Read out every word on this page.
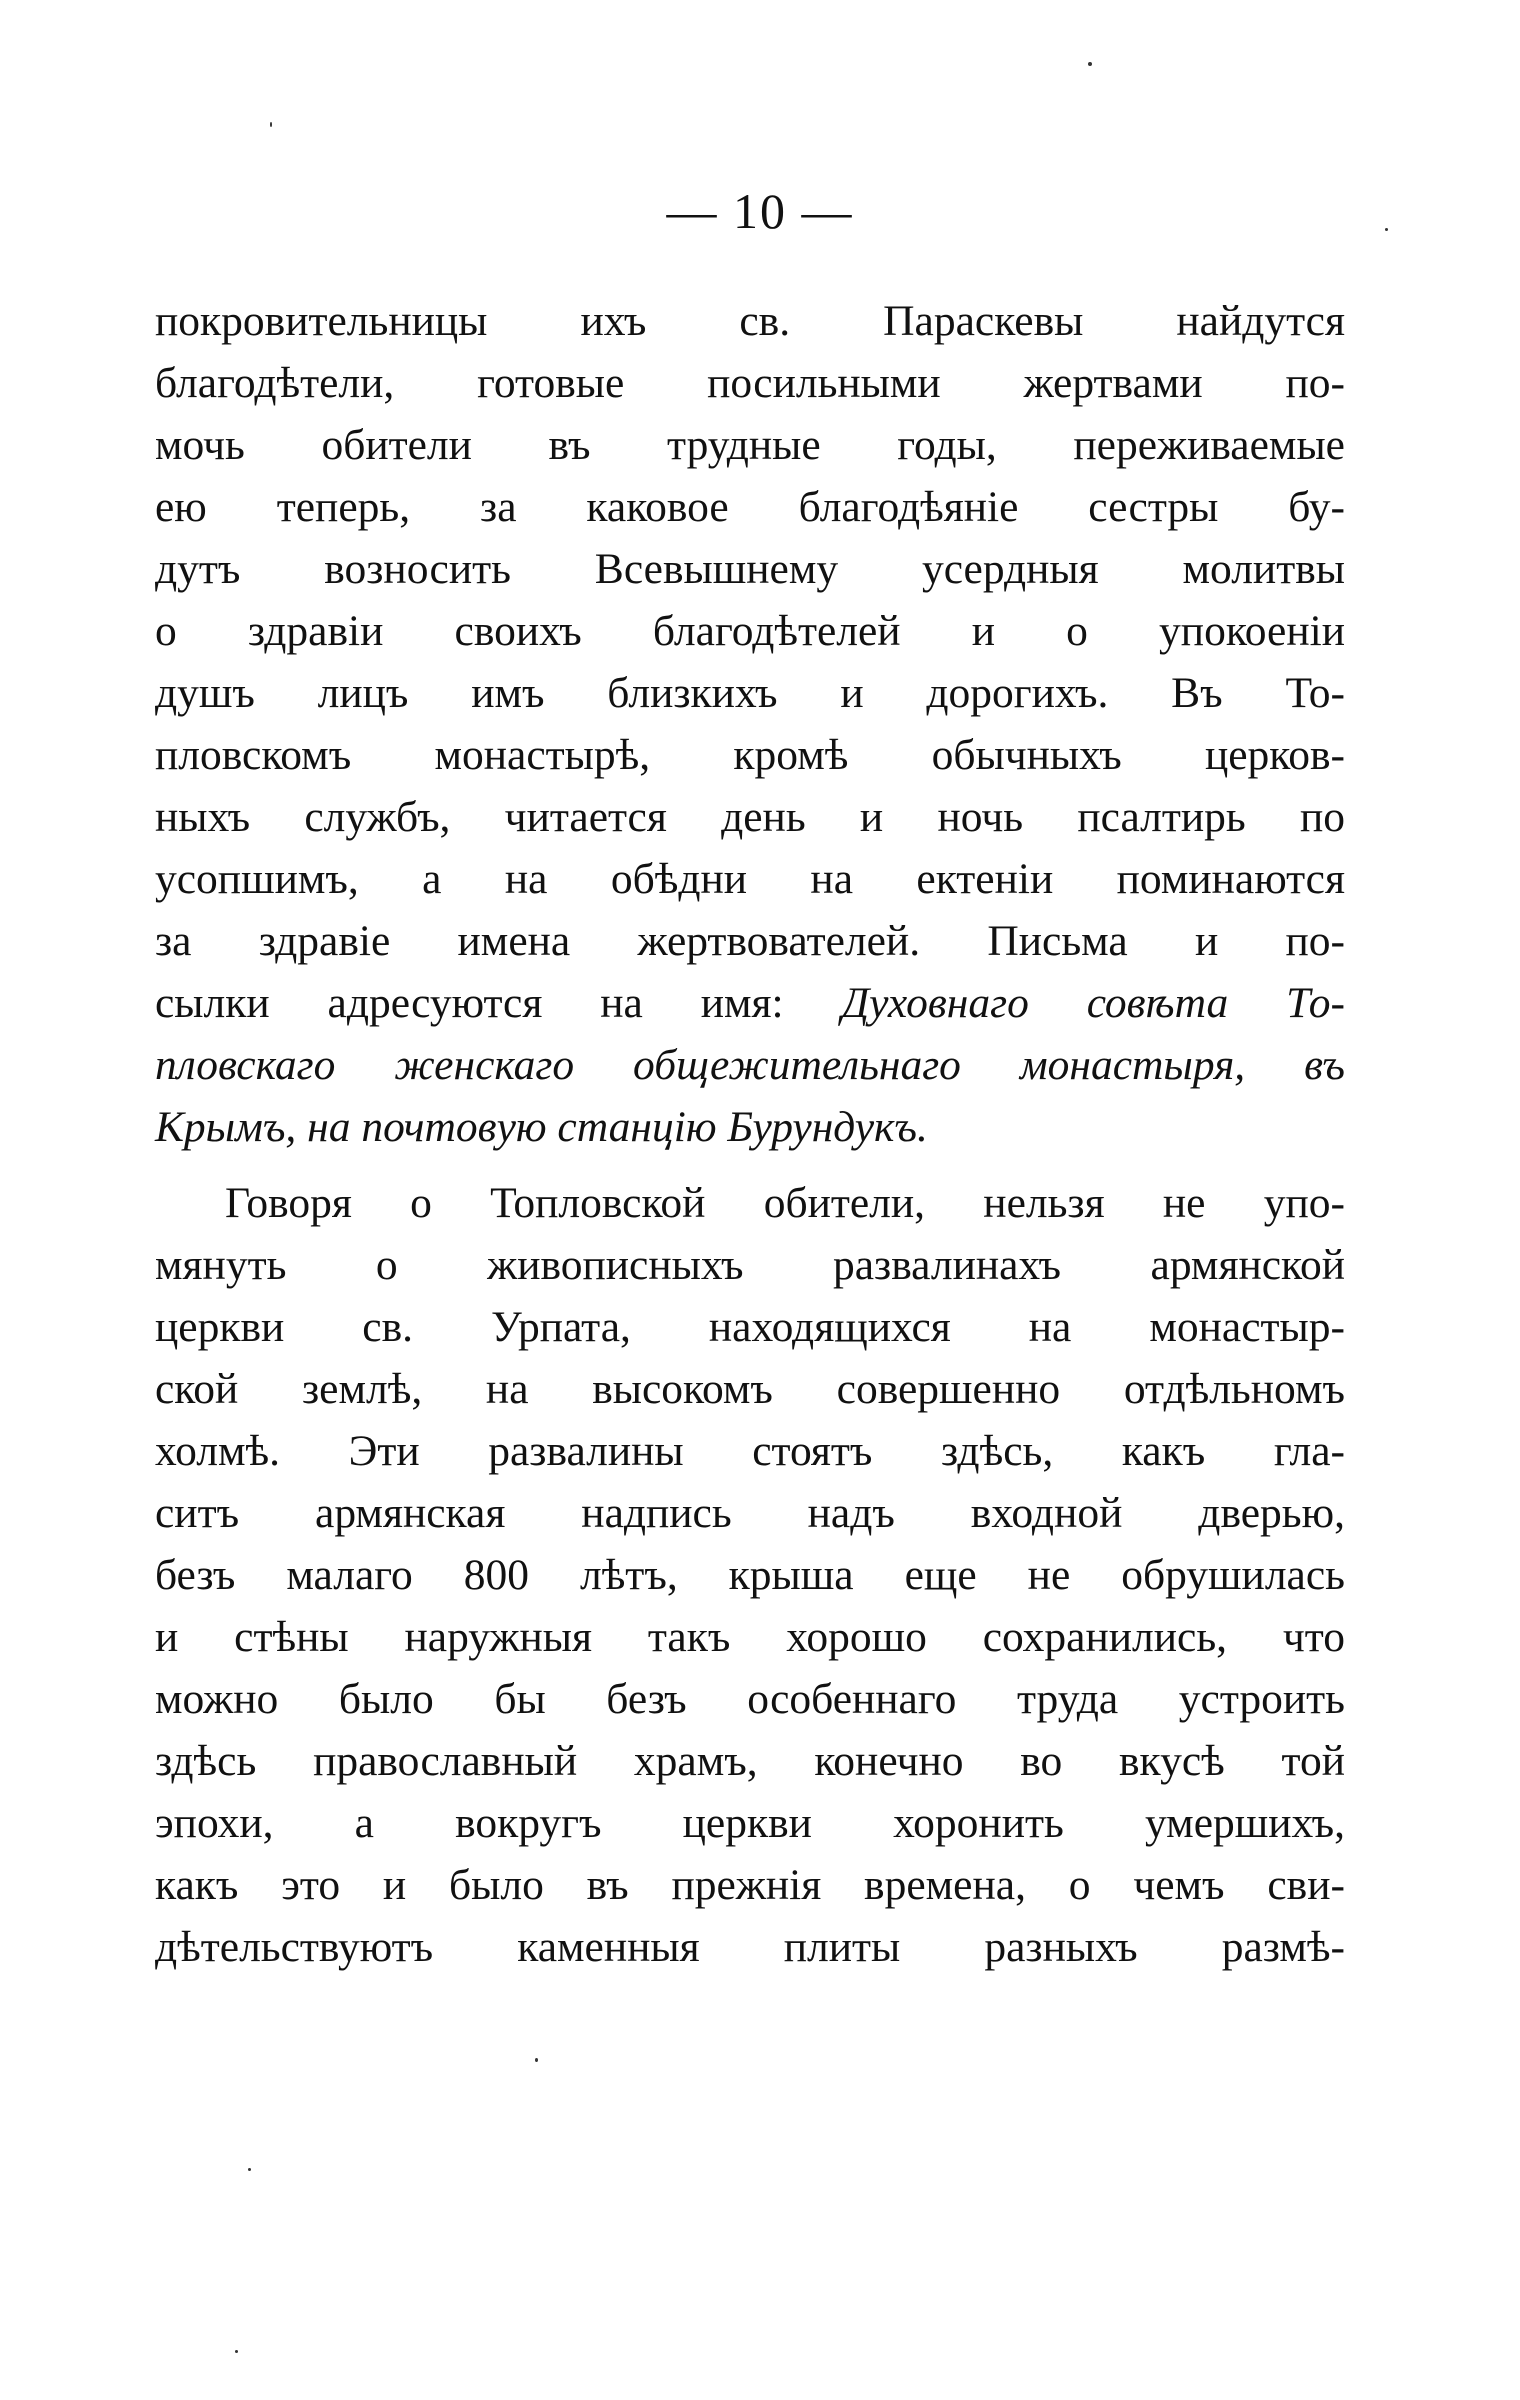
— 10 —
покровительницы ихъ св. Параскевы найдутся
благодѣтели, готовые посильными жертвами по-
мочь обители въ трудные годы, переживаемые
ею теперь, за каковое благодѣяніе сестры бу-
дутъ возносить Всевышнему усердныя молитвы
о здравіи своихъ благодѣтелей и о упокоеніи
душъ лицъ имъ близкихъ и дорогихъ. Въ То-
пловскомъ монастырѣ, кромѣ обычныхъ церков-
ныхъ службъ, читается день и ночь псалтирь по
усопшимъ, а на обѣдни на ектеніи поминаются
за здравіе имена жертвователей. Письма и по-
сылки адресуются на имя: Духовнаго совѣта То-
пловскаго женскаго общежительнаго монастыря, въ
Крымъ, на почтовую станцію Бурундукъ.
Говоря о Топловской обители, нельзя не упо-
мянуть о живописныхъ развалинахъ армянской
церкви св. Урпата, находящихся на монастыр-
ской землѣ, на высокомъ совершенно отдѣльномъ
холмѣ. Эти развалины стоятъ здѣсь, какъ гла-
ситъ армянская надпись надъ входной дверью,
безъ малаго 800 лѣтъ, крыша еще не обрушилась
и стѣны наружныя такъ хорошо сохранились, что
можно было бы безъ особеннаго труда устроить
здѣсь православный храмъ, конечно во вкусѣ той
эпохи, а вокругъ церкви хоронить умершихъ,
какъ это и было въ прежнія времена, о чемъ сви-
дѣтельствуютъ каменныя плиты разныхъ размѣ-
